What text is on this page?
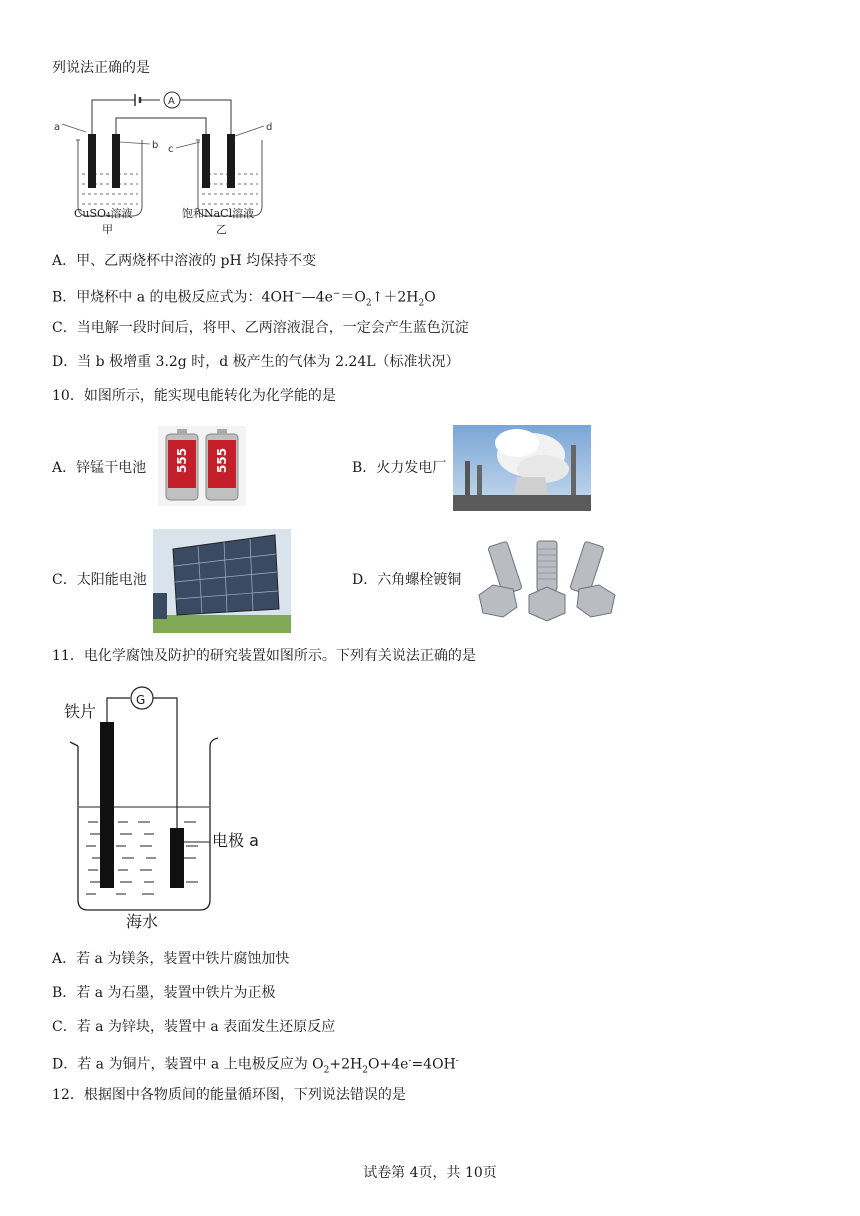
列说法正确的是
A
a
b c
d
CuSO₄溶液
甲
饱和NaCl溶液
乙
A．甲、乙两烧杯中溶液的 pH 均保持不变
B．甲烧杯中 a 的电极反应式为：$4OH^-—4e^-=O_2↑+2H_2O$
C．当电解一段时间后，将甲、乙两溶液混合，一定会产生蓝色沉淀
D．当 b 极增重 3.2g 时，d 极产生的气体为 2.24L（标准状况）
10．如图所示，能实现电能转化为化学能的是
A．锌锰干电池 555 555	B．火力发电厂
C．太阳能电池	D．六角螺栓镀铜
11．电化学腐蚀及防护的研究装置如图所示。下列有关说法正确的是
铁片
G
电极 a
海水
A．若 a 为镁条，装置中铁片腐蚀加快
B．若 a 为石墨，装置中铁片为正极
C．若 a 为锌块，装置中 a 表面发生还原反应
D．若 a 为铜片，装置中 a 上电极反应为 $O_2+2H_2O+4e^-=4OH^-$
12．根据图中各物质间的能量循环图，下列说法错误的是
试卷第 4页，共 10页
